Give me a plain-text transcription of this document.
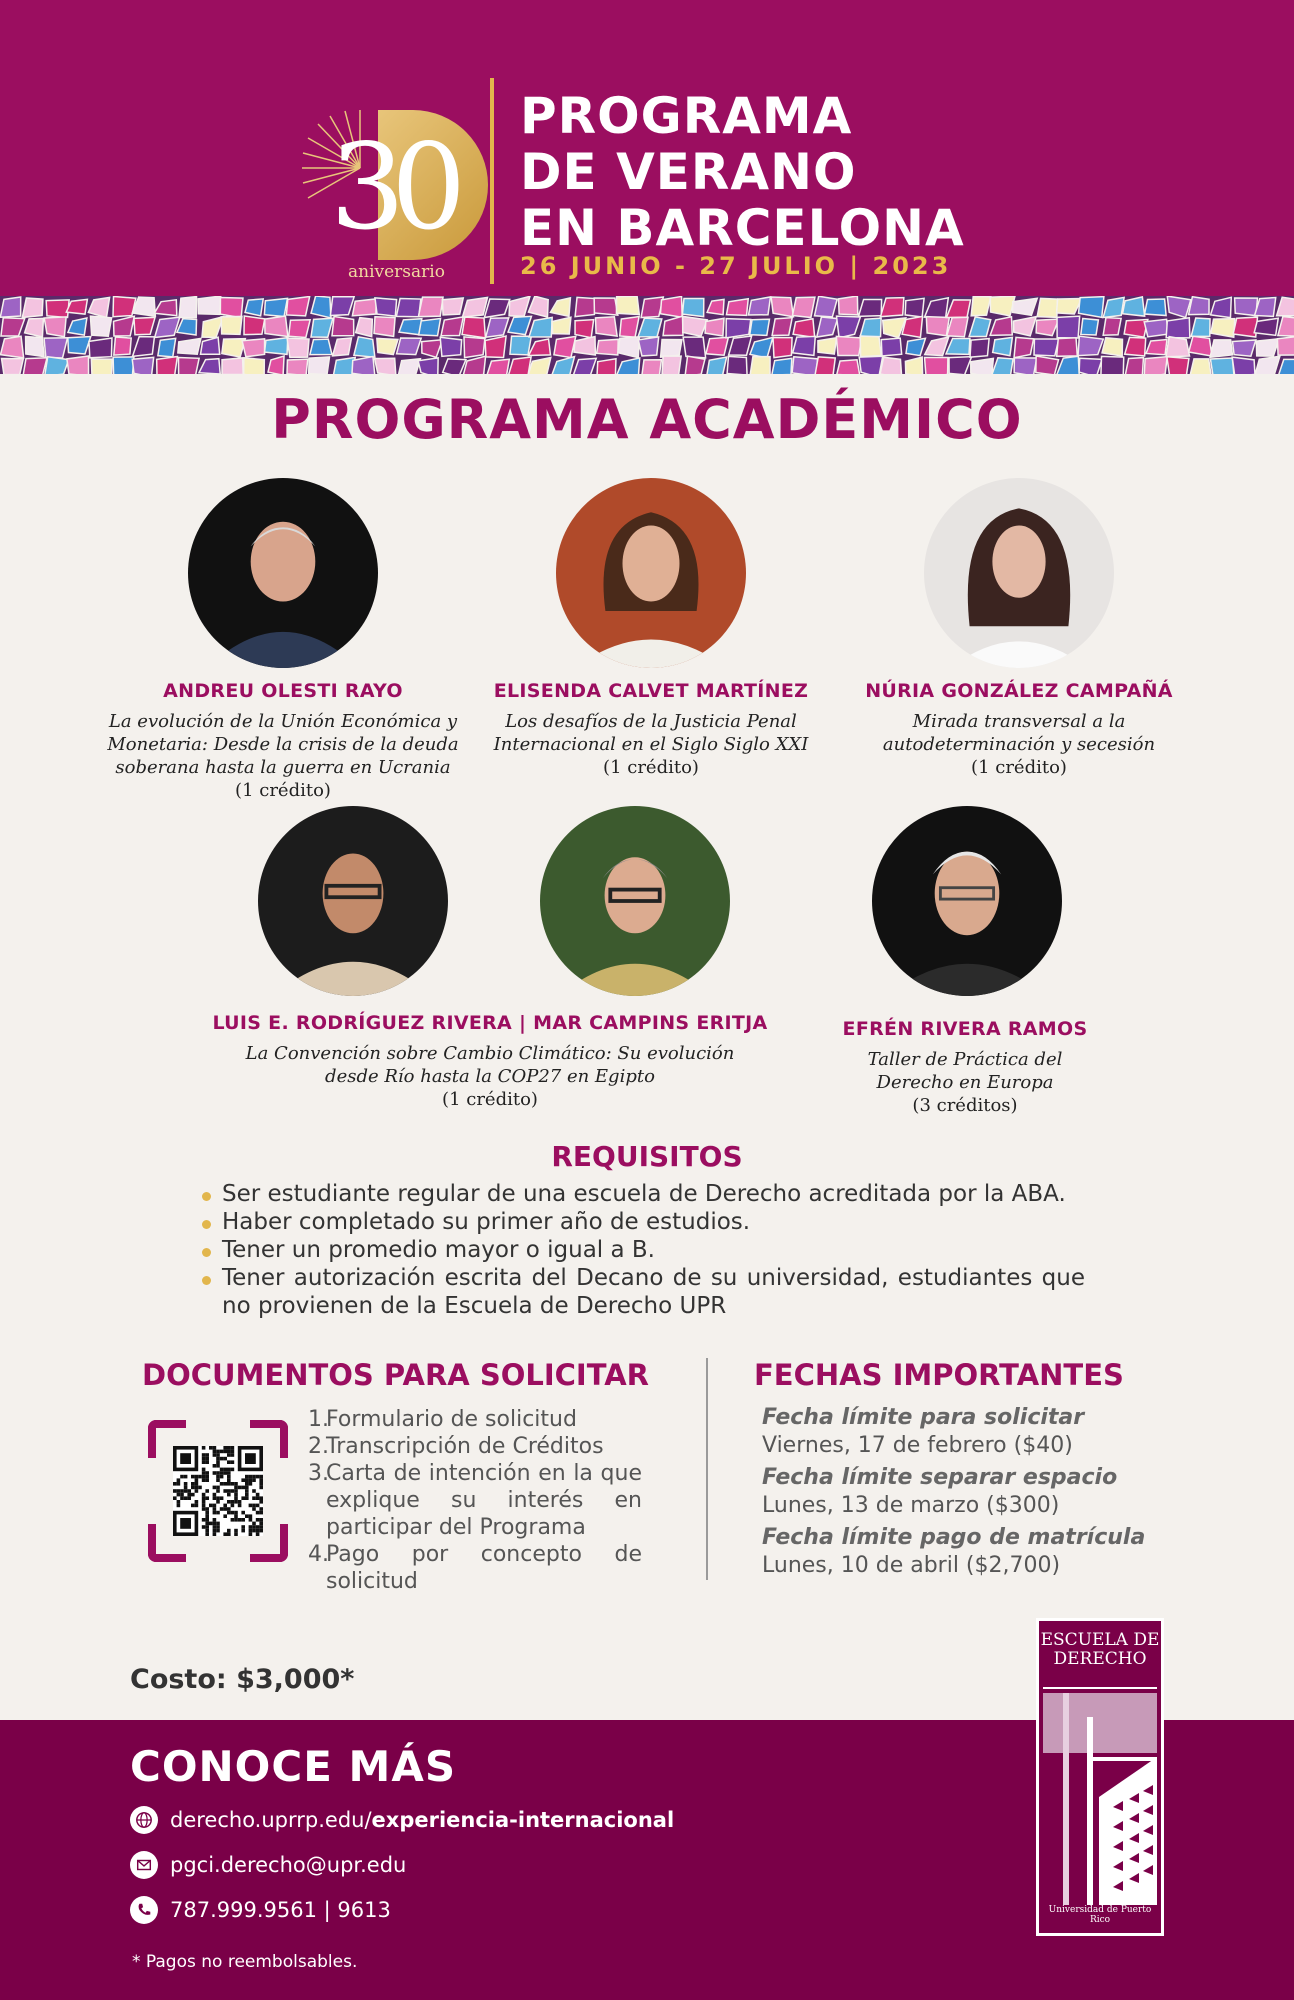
30
aniversario
PROGRAMA
DE VERANO
EN BARCELONA
26 JUNIO - 27 JULIO | 2023
PROGRAMA ACADÉMICO
ANDREU OLESTI RAYO
La evolución de la Unión Económica y
Monetaria: Desde la crisis de la deuda
soberana hasta la guerra en Ucrania
(1 crédito)
ELISENDA CALVET MARTÍNEZ
Los desafíos de la Justicia Penal
Internacional en el Siglo Siglo XXI
(1 crédito)
NÚRIA GONZÁLEZ CAMPAÑÁ
Mirada transversal a la
autodeterminación y secesión
(1 crédito)
LUIS E. RODRÍGUEZ RIVERA | MAR CAMPINS ERITJA
La Convención sobre Cambio Climático: Su evolución
desde Río hasta la COP27 en Egipto
(1 crédito)
EFRÉN RIVERA RAMOS
Taller de Práctica del
Derecho en Europa
(3 créditos)
REQUISITOS
Ser estudiante regular de una escuela de Derecho acreditada por la ABA.
Haber completado su primer año de estudios.
Tener un promedio mayor o igual a B.
Tener autorización escrita del Decano de su universidad, estudiantes que no provienen de la Escuela de Derecho UPR
DOCUMENTOS PARA SOLICITAR
1.
Formulario de solicitud
2.
Transcripción de Créditos
3.
Carta de intención en la que explique su interés en participar del Programa
4.
Pago por concepto de solicitud
FECHAS IMPORTANTES
Fecha límite para solicitar
Viernes, 17 de febrero ($40)
Fecha límite separar espacio
Lunes, 13 de marzo ($300)
Fecha límite pago de matrícula
Lunes, 10 de abril ($2,700)
Costo: $3,000*
CONOCE MÁS
derecho.uprrp.edu/ experiencia-internacional
pgci.derecho@upr.edu
787.999.9561 | 9613
* Pagos no reembolsables.
ESCUELA DE
DERECHO
Universidad de Puerto Rico
